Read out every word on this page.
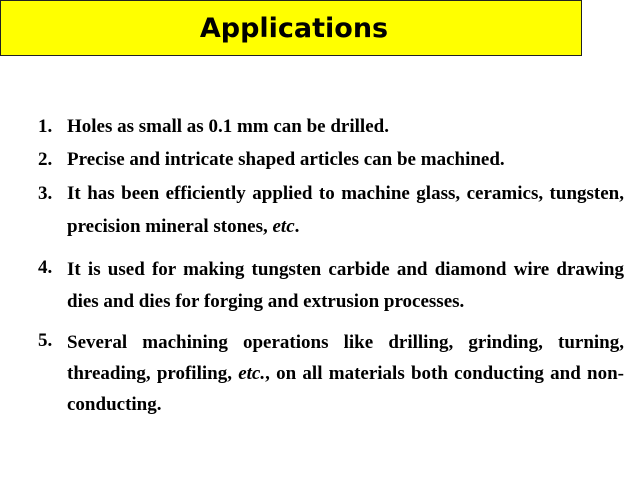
Applications
1. Holes as small as 0.1 mm can be drilled.
2. Precise and intricate shaped articles can be machined.
3. It has been efficiently applied to machine glass, ceramics, tungsten, precision mineral stones, etc.
4. It is used for making tungsten carbide and diamond wire drawing dies and dies for forging and extrusion processes.
5. Several machining operations like drilling, grinding, turning, threading, profiling, etc., on all materials both conducting and non-conducting.
